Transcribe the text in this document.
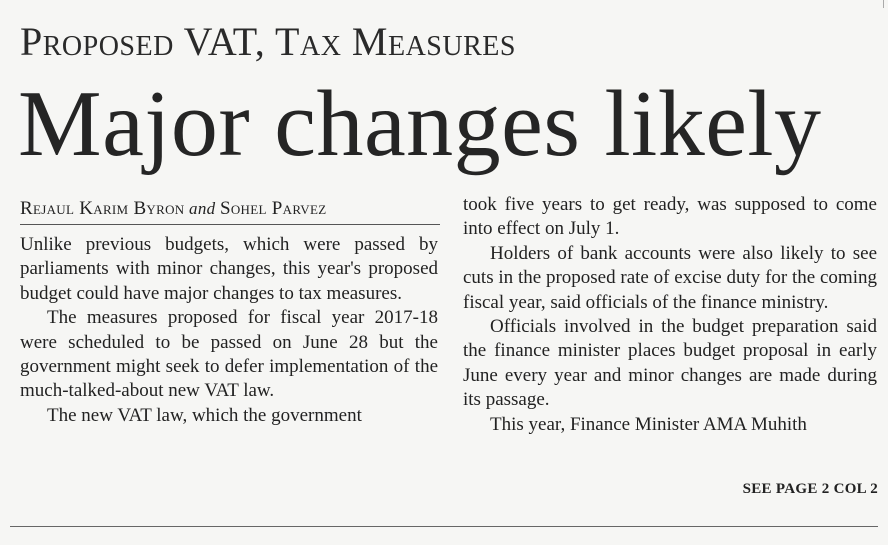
Proposed VAT, Tax Measures
Major changes likely
Rejaul Karim Byron and Sohel Parvez

Unlike previous budgets, which were passed by parliaments with minor changes, this year's proposed budget could have major changes to tax measures.

The measures proposed for fiscal year 2017-18 were scheduled to be passed on June 28 but the government might seek to defer implementation of the much-talked-about new VAT law.

The new VAT law, which the government

took five years to get ready, was supposed to come into effect on July 1.

Holders of bank accounts were also likely to see cuts in the proposed rate of excise duty for the coming fiscal year, said officials of the finance ministry.

Officials involved in the budget preparation said the finance minister places budget proposal in early June every year and minor changes are made during its passage.

This year, Finance Minister AMA Muhith

SEE PAGE 2 COL 2
